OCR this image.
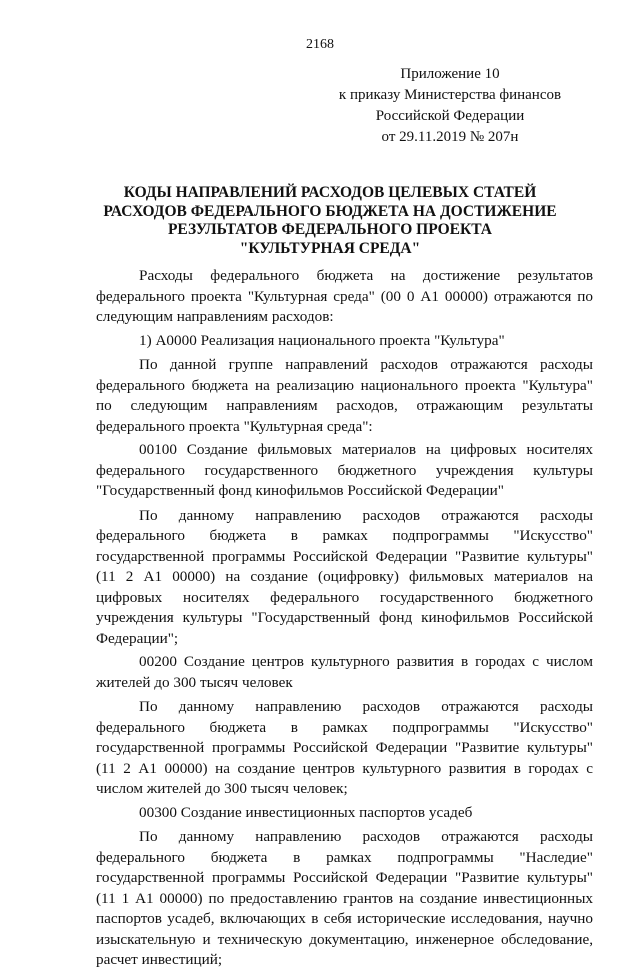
2168
Приложение 10
к приказу Министерства финансов
Российской Федерации
от 29.11.2019 № 207н
КОДЫ НАПРАВЛЕНИЙ РАСХОДОВ ЦЕЛЕВЫХ СТАТЕЙ
РАСХОДОВ ФЕДЕРАЛЬНОГО БЮДЖЕТА НА ДОСТИЖЕНИЕ
РЕЗУЛЬТАТОВ ФЕДЕРАЛЬНОГО ПРОЕКТА
"КУЛЬТУРНАЯ СРЕДА"

Расходы федерального бюджета на достижение результатов федерального проекта "Культурная среда" (00 0 А1 00000) отражаются по следующим направлениям расходов:

1) А0000 Реализация национального проекта "Культура"

По данной группе направлений расходов отражаются расходы федерального бюджета на реализацию национального проекта "Культура" по следующим направлениям расходов, отражающим результаты федерального проекта "Культурная среда":

00100 Создание фильмовых материалов на цифровых носителях федерального государственного бюджетного учреждения культуры "Государственный фонд кинофильмов Российской Федерации"

По данному направлению расходов отражаются расходы федерального бюджета в рамках подпрограммы "Искусство" государственной программы Российской Федерации "Развитие культуры" (11 2 А1 00000) на создание (оцифровку) фильмовых материалов на цифровых носителях федерального государственного бюджетного учреждения культуры "Государственный фонд кинофильмов Российской Федерации";

00200 Создание центров культурного развития в городах с числом жителей до 300 тысяч человек

По данному направлению расходов отражаются расходы федерального бюджета в рамках подпрограммы "Искусство" государственной программы Российской Федерации "Развитие культуры" (11 2 А1 00000) на создание центров культурного развития в городах с числом жителей до 300 тысяч человек;

00300 Создание инвестиционных паспортов усадеб

По данному направлению расходов отражаются расходы федерального бюджета в рамках подпрограммы "Наследие" государственной программы Российской Федерации "Развитие культуры" (11 1 А1 00000) по предоставлению грантов на создание инвестиционных паспортов усадеб, включающих в себя исторические исследования, научно изыскательную и техническую документацию, инженерное обследование, расчет инвестиций;
